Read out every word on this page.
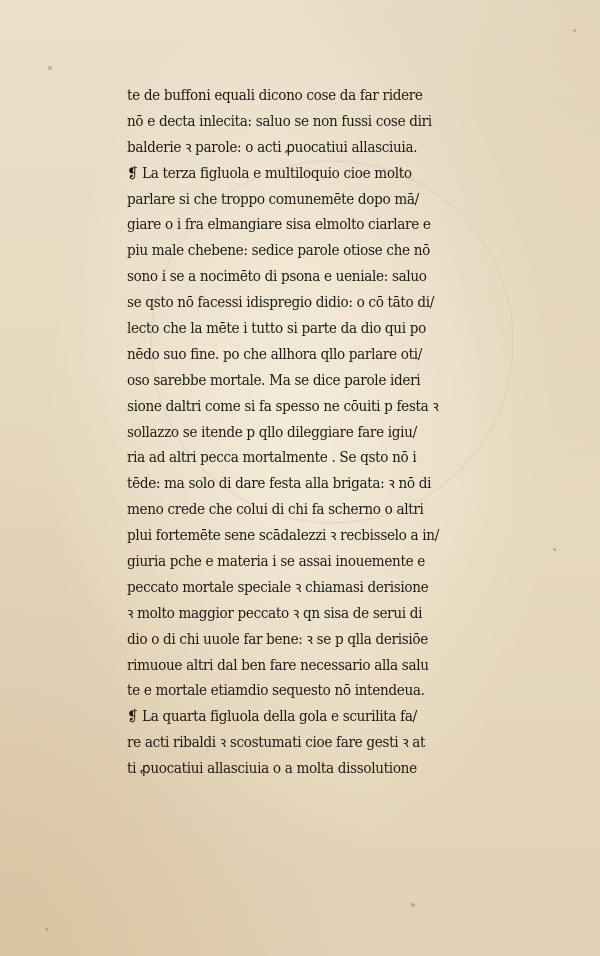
te de buffoni equali dicono cose da far ridere
nō e decta inlecita: saluo se non fussi cose diri
balderie ꝛ parole: o acti ꝓuocatiui allasciuia.
❡ La terza figluola e multiloquio cioe molto
parlare si che troppo comunemēte dopo mā/
giare o i fra elmangiare sisa elmolto ciarlare e
piu male chebene: sedice parole otiose che nō
sono i se a nocimēto di psona e ueniale: saluo
se qsto nō facessi idispregio didio: o cō tāto di/
lecto che la mēte i tutto si parte da dio qui po
nēdo suo fine. po che allhora qllo parlare oti/
oso sarebbe mortale. Ma se dice parole ideri
sione daltri come si fa spesso ne cōuiti p festa ꝛ
sollazzo se itende p qllo dileggiare fare igiu/
ria ad altri pecca mortalmente . Se qsto nō i
tēde: ma solo di dare festa alla brigata: ꝛ nō di
meno crede che colui di chi fa scherno o altri
plui fortemēte sene scādalezzi ꝛ recbisselo a in/
giuria pche e materia i se assai inouemente e
peccato mortale speciale ꝛ chiamasi derisione
ꝛ molto maggior peccato ꝛ qn sisa de serui di
dio o di chi uuole far bene: ꝛ se p qlla derisiōe
rimuoue altri dal ben fare necessario alla salu
te e mortale etiamdio sequesto nō intendeua.
❡ La quarta figluola della gola e scurilita fa/
re acti ribaldi ꝛ scostumati cioe fare gesti ꝛ at
ti ꝓuocatiui allasciuia o a molta dissolutione
